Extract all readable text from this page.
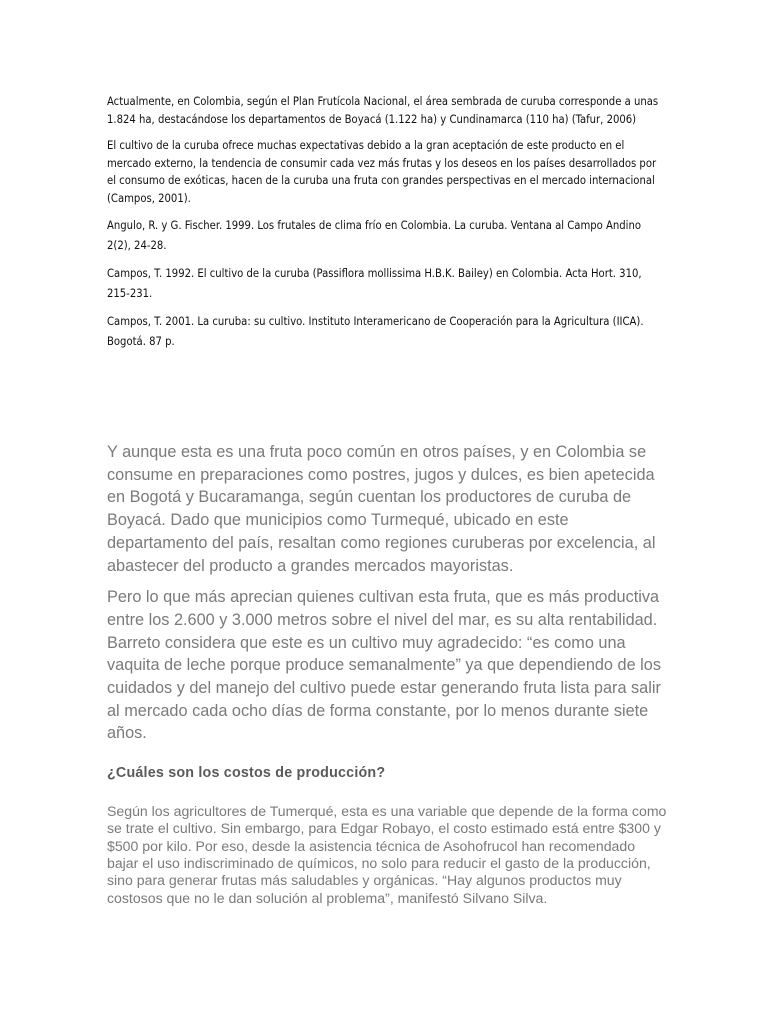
Actualmente, en Colombia, según el Plan Frutícola Nacional, el área sembrada de curuba corresponde a unas 1.824 ha, destacándose los departamentos de Boyacá (1.122 ha) y Cundinamarca (110 ha) (Tafur, 2006)

El cultivo de la curuba ofrece muchas expectativas debido a la gran aceptación de este producto en el mercado externo, la tendencia de consumir cada vez más frutas y los deseos en los países desarrollados por el consumo de exóticas, hacen de la curuba una fruta con grandes perspectivas en el mercado internacional (Campos, 2001).

Angulo, R. y G. Fischer. 1999. Los frutales de clima frío en Colombia. La curuba. Ventana al Campo Andino 2(2), 24-28.

Campos, T. 1992. El cultivo de la curuba (Passiflora mollissima H.B.K. Bailey) en Colombia. Acta Hort. 310, 215-231.

Campos, T. 2001. La curuba: su cultivo. Instituto Interamericano de Cooperación para la Agricultura (IICA). Bogotá. 87 p.

Y aunque esta es una fruta poco común en otros países, y en Colombia se consume en preparaciones como postres, jugos y dulces, es bien apetecida en Bogotá y Bucaramanga, según cuentan los productores de curuba de Boyacá. Dado que municipios como Turmequé, ubicado en este departamento del país, resaltan como regiones curuberas por excelencia, al abastecer del producto a grandes mercados mayoristas.

Pero lo que más aprecian quienes cultivan esta fruta, que es más productiva entre los 2.600 y 3.000 metros sobre el nivel del mar, es su alta rentabilidad. Barreto considera que este es un cultivo muy agradecido: “es como una vaquita de leche porque produce semanalmente” ya que dependiendo de los cuidados y del manejo del cultivo puede estar generando fruta lista para salir al mercado cada ocho días de forma constante, por lo menos durante siete años.

¿Cuáles son los costos de producción?

Según los agricultores de Tumerqué, esta es una variable que depende de la forma como se trate el cultivo. Sin embargo, para Edgar Robayo, el costo estimado está entre $300 y $500 por kilo. Por eso, desde la asistencia técnica de Asohofrucol han recomendado bajar el uso indiscriminado de químicos, no solo para reducir el gasto de la producción, sino para generar frutas más saludables y orgánicas. “Hay algunos productos muy costosos que no le dan solución al problema”, manifestó Silvano Silva.
